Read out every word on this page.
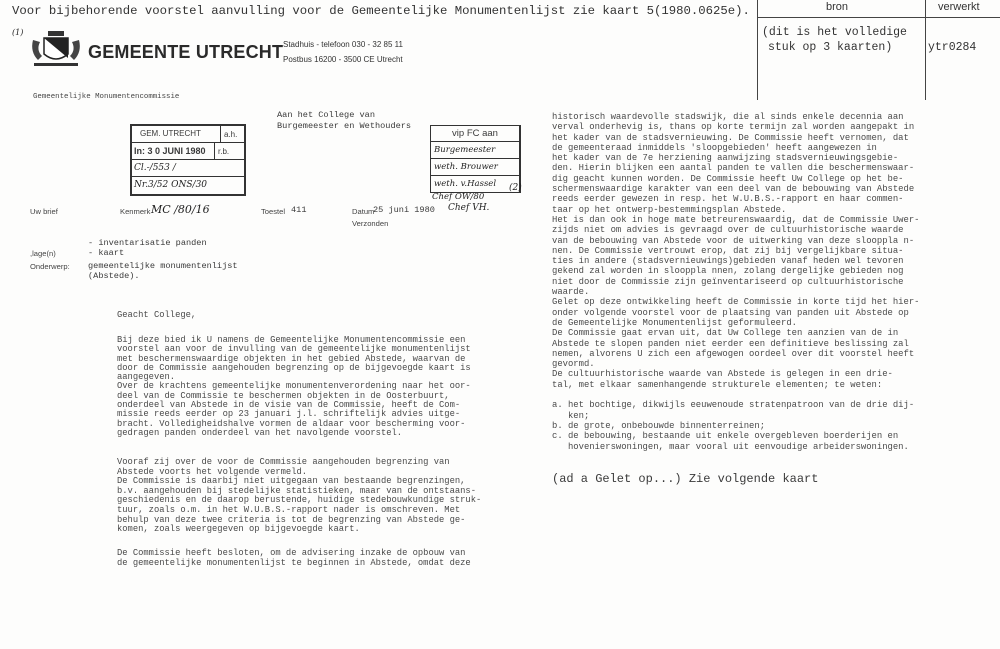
Voor bijbehorende voorstel aanvulling voor de Gemeentelijke Monumentenlijst zie kaart 5(1980.0625e).	bron	verwerkt
(dit is het volledige
stuk op 3 kaarten)	ytr0284
(1)
GEMEENTE UTRECHT Stadhuis - telefoon 030 - 32 85 11
Postbus 16200 - 3500 CE Utrecht
Gemeentelijke Monumentencommissie
Aan het College van
Burgemeester en Wethouders
GEM. UTRECHT	a.h.
In: 3 0 JUNI 1980	r.b.
Cl.-/553 /
Nr.3/52 ONS/30
vip FC aan
Burgemeester
weth. Brouwer
weth. v.Hassel
Chef OW/80
(2)
Uw brief	Kenmerk MC /80/16	Toestel 411	Datum
25 juni 1980 Chef VH.
Verzonden
- inventarisatie panden
,lage(n)	- kaart
Onderwerp: gemeentelijke monumentenlijst
(Abstede).
Geacht College,
Bij deze bied ik U namens de Gemeentelijke Monumentencommissie een
voorstel aan voor de invulling van de gemeentelijke monumentenlijst
met beschermenswaardige objekten in het gebied Abstede, waarvan de
door de Commissie aangehouden begrenzing op de bijgevoegde kaart is
aangegeven.
Over de krachtens gemeentelijke monumentenverordening naar het oor-
deel van de Commissie te beschermen objekten in de Oosterbuurt,
onderdeel van Abstede in de visie van de Commissie, heeft de Com-
missie reeds eerder op 23 januari j.l. schriftelijk advies uitge-
bracht. Volledigheidshalve vormen de aldaar voor bescherming voor-
gedragen panden onderdeel van het navolgende voorstel.
Vooraf zij over de voor de Commissie aangehouden begrenzing van
Abstede voorts het volgende vermeld.
De Commissie is daarbij niet uitgegaan van bestaande begrenzingen,
b.v. aangehouden bij stedelijke statistieken, maar van de ontstaans-
geschiedenis en de daarop berustende, huidige stedebouwkundige struk-
tuur, zoals o.m. in het W.U.B.S.-rapport nader is omschreven. Met
behulp van deze twee criteria is tot de begrenzing van Abstede ge-
komen, zoals weergegeven op bijgevoegde kaart.
De Commissie heeft besloten, om de advisering inzake de opbouw van
de gemeentelijke monumentenlijst te beginnen in Abstede, omdat deze
historisch waardevolle stadswijk, die al sinds enkele decennia aan
verval onderhevig is, thans op korte termijn zal worden aangepakt in
het kader van de stadsvernieuwing. De Commissie heeft vernomen, dat
de gemeenteraad inmiddels 'sloopgebieden' heeft aangewezen in
het kader van de 7e herziening aanwijzing stadsvernieuwingsgebie-
den. Hierin blijken een aantal panden te vallen die beschermenswaar-
dig geacht kunnen worden. De Commissie heeft Uw College op het be-
schermenswaardige karakter van een deel van de bebouwing van Abstede
reeds eerder gewezen in resp. het W.U.B.S.-rapport en haar commen-
taar op het ontwerp-bestemmingsplan Abstede.
Het is dan ook in hoge mate betreurenswaardig, dat de Commissie Uwer-
zijds niet om advies is gevraagd over de cultuurhistorische waarde
van de bebouwing van Abstede voor de uitwerking van deze slooppla n-
nen. De Commissie vertrouwt erop, dat zij bij vergelijkbare situa-
ties in andere (stadsvernieuwings)gebieden vanaf heden wel tevoren
gekend zal worden in slooppla nnen, zolang dergelijke gebieden nog
niet door de Commissie zijn geïnventariseerd op cultuurhistorische
waarde.
Gelet op deze ontwikkeling heeft de Commissie in korte tijd het hier-
onder volgende voorstel voor de plaatsing van panden uit Abstede op
de Gemeentelijke Monumentenlijst geformuleerd.
De Commissie gaat ervan uit, dat Uw College ten aanzien van de in
Abstede te slopen panden niet eerder een definitieve beslissing zal
nemen, alvorens U zich een afgewogen oordeel over dit voorstel heeft
gevormd.
De cultuurhistorische waarde van Abstede is gelegen in een drie-
tal, met elkaar samenhangende strukturele elementen; te weten:
a. het bochtige, dikwijls eeuwenoude stratenpatroon van de drie dij-
ken;
b. de grote, onbebouwde binnenterreinen;
c. de bebouwing, bestaande uit enkele overgebleven boerderijen en
hovenierswoningen, maar vooral uit eenvoudige arbeiderswoningen.
(ad a Gelet op...) Zie volgende kaart
